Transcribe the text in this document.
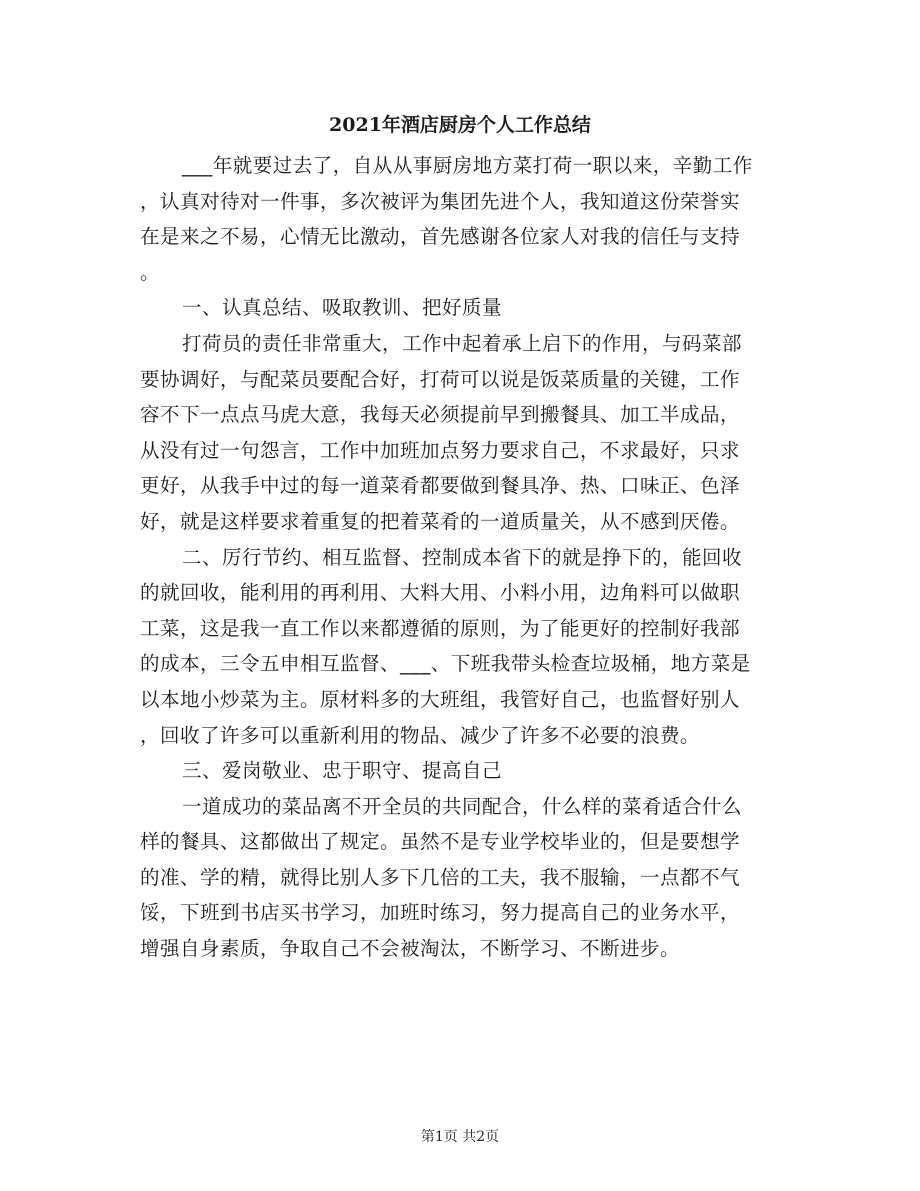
2021年酒店厨房个人工作总结
___年就要过去了，自从从事厨房地方菜打荷一职以来，辛勤工作
，认真对待对一件事，多次被评为集团先进个人，我知道这份荣誉实
在是来之不易，心情无比激动，首先感谢各位家人对我的信任与支持
。
一、认真总结、吸取教训、把好质量
打荷员的责任非常重大，工作中起着承上启下的作用，与码菜部
要协调好，与配菜员要配合好，打荷可以说是饭菜质量的关键，工作
容不下一点点马虎大意，我每天必须提前早到搬餐具、加工半成品，
从没有过一句怨言，工作中加班加点努力要求自己，不求最好，只求
更好，从我手中过的每一道菜肴都要做到餐具净、热、口味正、色泽
好，就是这样要求着重复的把着菜肴的一道质量关，从不感到厌倦。
二、厉行节约、相互监督、控制成本省下的就是挣下的，能回收
的就回收，能利用的再利用、大料大用、小料小用，边角料可以做职
工菜，这是我一直工作以来都遵循的原则，为了能更好的控制好我部
的成本，三令五申相互监督、___、下班我带头检查垃圾桶，地方菜是
以本地小炒菜为主。原材料多的大班组，我管好自己，也监督好别人
，回收了许多可以重新利用的物品、减少了许多不必要的浪费。
三、爱岗敬业、忠于职守、提高自己
一道成功的菜品离不开全员的共同配合，什么样的菜肴适合什么
样的餐具、这都做出了规定。虽然不是专业学校毕业的，但是要想学
的准、学的精，就得比别人多下几倍的工夫，我不服输，一点都不气
馁，下班到书店买书学习，加班时练习，努力提高自己的业务水平，
增强自身素质，争取自己不会被淘汰，不断学习、不断进步。
第1页 共2页
